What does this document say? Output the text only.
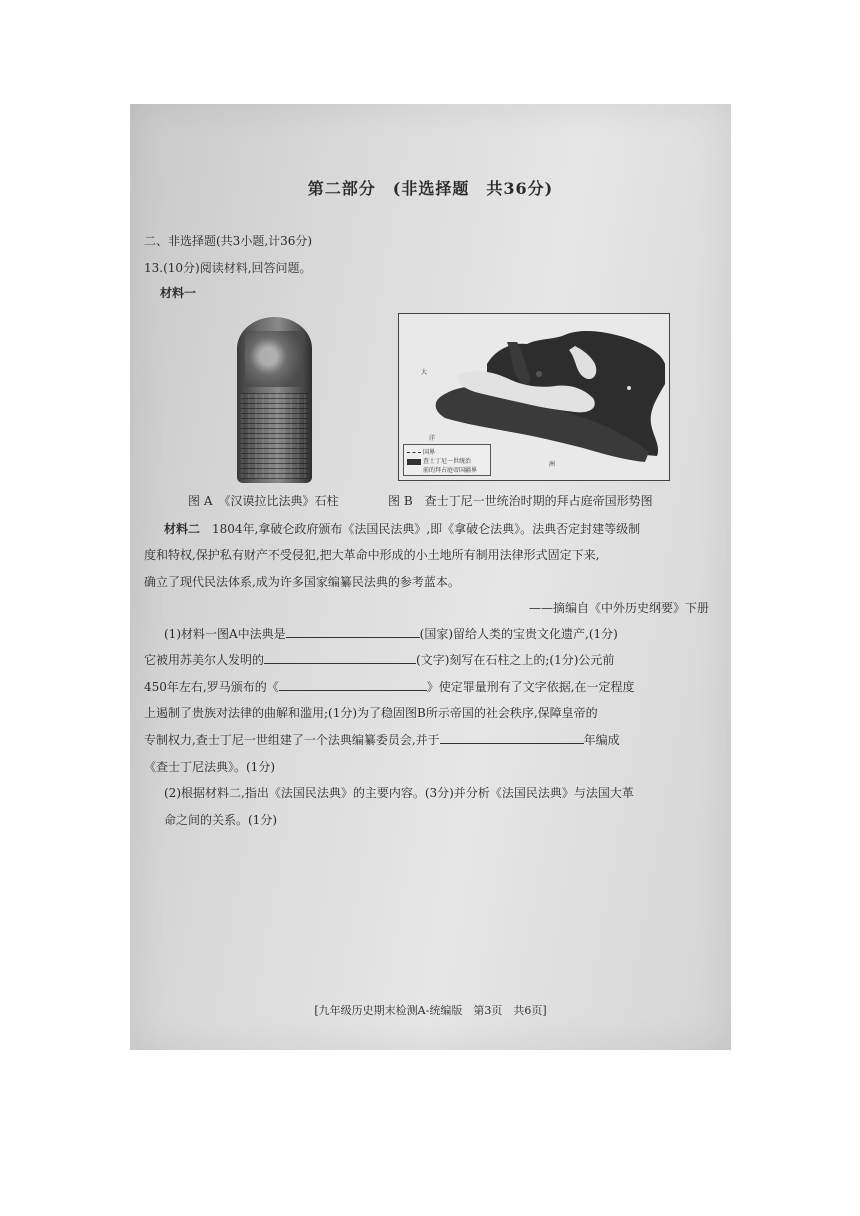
第二部分　(非选择题　共36分)
二、非选择题(共3小题,计36分)
13.(10分)阅读材料,回答问题。
材料一
大
洋
洲
国界
查士丁尼一世统治
前的拜占庭帝国疆界
图 A　《汉谟拉比法典》石柱	图 B　查士丁尼一世统治时期的拜占庭帝国形势图
材料二　1804年,拿破仑政府颁布《法国民法典》,即《拿破仑法典》。法典否定封建等级制
度和特权,保护私有财产不受侵犯,把大革命中形成的小土地所有制用法律形式固定下来,
确立了现代民法体系,成为许多国家编纂民法典的参考蓝本。
——摘编自《中外历史纲要》下册
(1)材料一图A中法典是	(国家)留给人类的宝贵文化遗产,(1分)
它被用苏美尔人发明的	(文字)刻写在石柱之上的;(1分)公元前
450年左右,罗马颁布的《	》使定罪量刑有了文字依据,在一定程度
上遏制了贵族对法律的曲解和滥用;(1分)为了稳固图B所示帝国的社会秩序,保障皇帝的
专制权力,查士丁尼一世组建了一个法典编纂委员会,并于	年编成
《查士丁尼法典》。(1分)
(2)根据材料二,指出《法国民法典》的主要内容。(3分)并分析《法国民法典》与法国大革
命之间的关系。(1分)
[九年级历史期末检测A-统编版　第3页　共6页]
